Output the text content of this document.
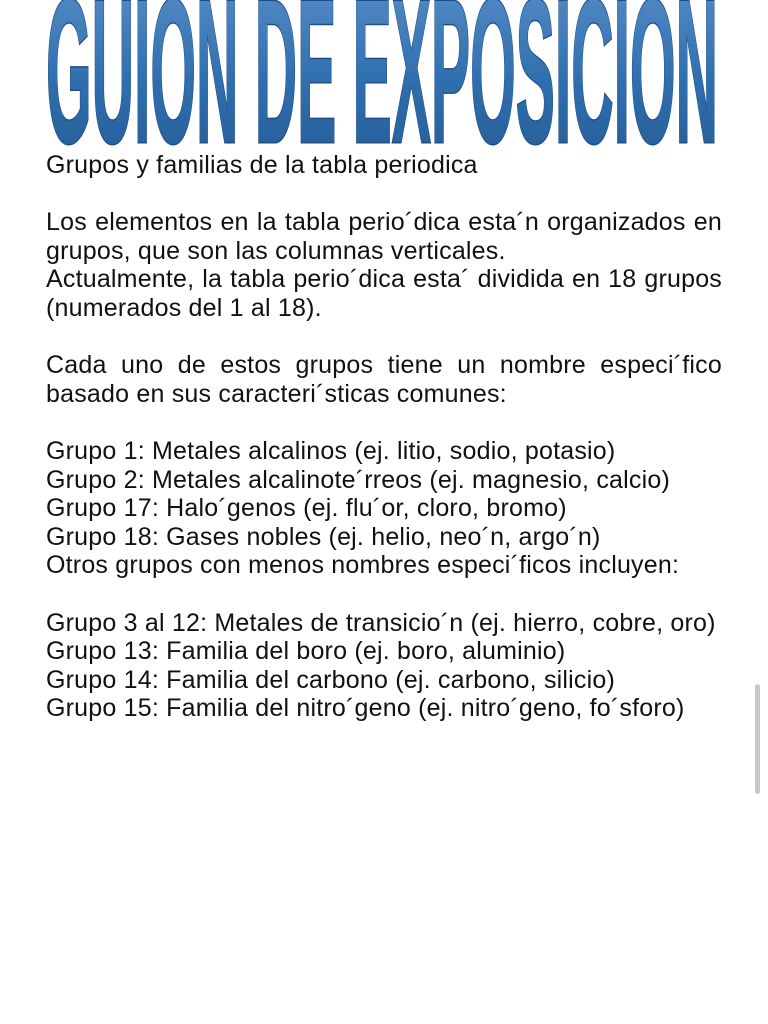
GUION DE EXPOSICION

Grupos y familias de la tabla periodica

Los elementos en la tabla perio´dica esta´n organizados en grupos, que son las columnas verticales.

Actualmente, la tabla perio´dica esta´ dividida en 18 grupos (numerados del 1 al 18).

Cada uno de estos grupos tiene un nombre especi´fico basado en sus caracteri´sticas comunes:

Grupo 1: Metales alcalinos (ej. litio, sodio, potasio)

Grupo 2: Metales alcalinote´rreos (ej. magnesio, calcio)

Grupo 17: Halo´genos (ej. flu´or, cloro, bromo)

Grupo 18: Gases nobles (ej. helio, neo´n, argo´n)

Otros grupos con menos nombres especi´ficos incluyen:

Grupo 3 al 12: Metales de transicio´n (ej. hierro, cobre, oro)

Grupo 13: Familia del boro (ej. boro, aluminio)

Grupo 14: Familia del carbono (ej. carbono, silicio)

Grupo 15: Familia del nitro´geno (ej. nitro´geno, fo´sforo)
